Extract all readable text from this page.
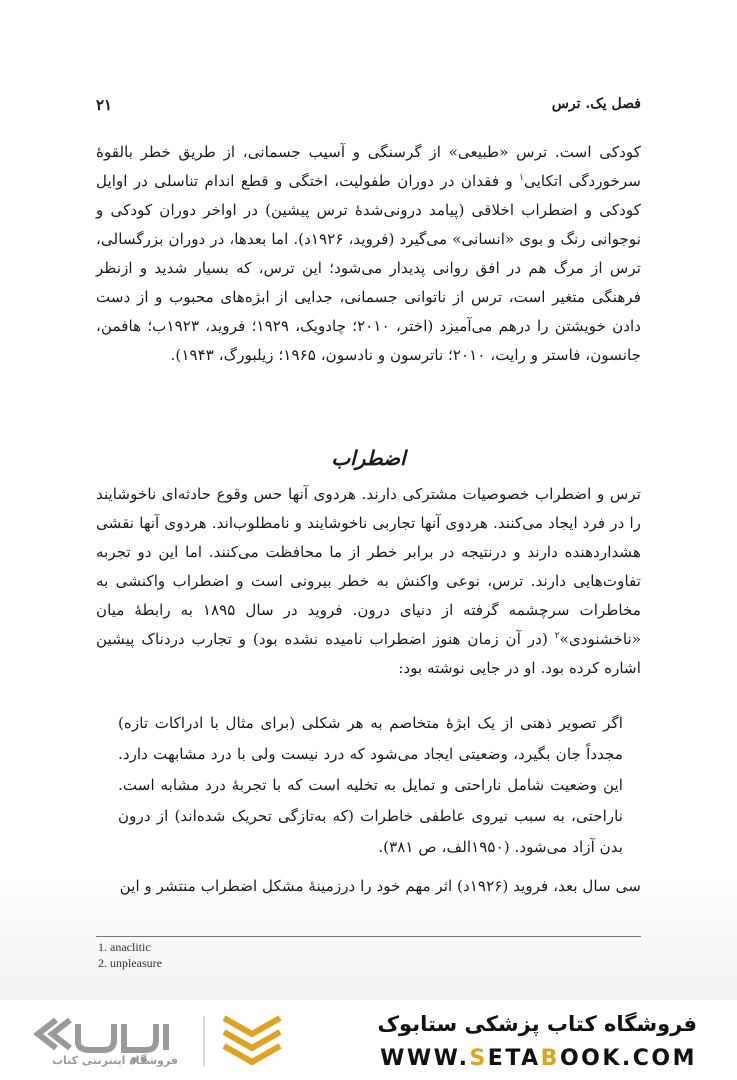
فصل یک. ترس
۲۱

کودکی است. ترس «طبیعی» از گرسنگی و آسیب جسمانی، از طریق خطر بالقوهٔ سرخوردگی اتکایی$^۱$ و فقدان در دوران طفولیت، اختگی و قطع اندام تناسلی در اوایل کودکی و اضطراب اخلاقی (پیامد درونی‌شدهٔ ترس پیشین) در اواخر دوران کودکی و نوجوانی رنگ و بوی «انسانی» می‌گیرد (فروید، ۱۹۲۶د). اما بعدها، در دوران بزرگسالی، ترس از مرگ هم در افق روانی پدیدار می‌شود؛ این ترس، که بسیار شدید و ازنظر فرهنگی متغیر است، ترس از ناتوانی جسمانی، جدایی از ابژه‌های محبوب و از دست دادن خویشتن را درهم می‌آمیزد (اختر، ۲۰۱۰؛ چادویک، ۱۹۲۹؛ فروید، ۱۹۲۳ب؛ هافمن، جانسون، فاستر و رایت، ۲۰۱۰؛ ناترسون و نادسون، ۱۹۶۵؛ زیلبورگ، ۱۹۴۳).

اضطراب

ترس و اضطراب خصوصیات مشترکی دارند. هردوی آنها حس وقوع حادثه‌ای ناخوشایند را در فرد ایجاد می‌کنند. هردوی آنها تجاربی ناخوشایند و نامطلوب‌اند. هردوی آنها نقشی هشداردهنده دارند و درنتیجه در برابر خطر از ما محافظت می‌کنند. اما این دو تجربه تفاوت‌هایی دارند. ترس، نوعی واکنش به خطر بیرونی است و اضطراب واکنشی به مخاطرات سرچشمه گرفته از دنیای درون. فروید در سال ۱۸۹۵ به رابطهٔ میان «ناخشنودی»$^۲$ (در آن زمان هنوز اضطراب نامیده نشده بود) و تجارب دردناک پیشین اشاره کرده بود. او در جایی نوشته بود:

اگر تصویر ذهنی از یک ابژهٔ متخاصم به هر شکلی (برای مثال با ادراکات تازه) مجدداً جان بگیرد، وضعیتی ایجاد می‌شود که درد نیست ولی با درد مشابهت دارد. این وضعیت شامل ناراحتی و تمایل به تخلیه است که با تجربهٔ درد مشابه است. ناراحتی، به سبب نیروی عاطفی خاطرات (که به‌تازگی تحریک شده‌اند) از درون بدن آزاد می‌شود. (۱۹۵۰الف، ص ۳۸۱).

سی سال بعد، فروید (۱۹۲۶د) اثر مهم خود را درزمینهٔ مشکل اضطراب منتشر و این

1. anaclitic
2. unpleasure
فروشگاه اینترنتی کتاب
فروشگاه کتاب پزشکی ستابوک
WWW.SETABOOK.COM
